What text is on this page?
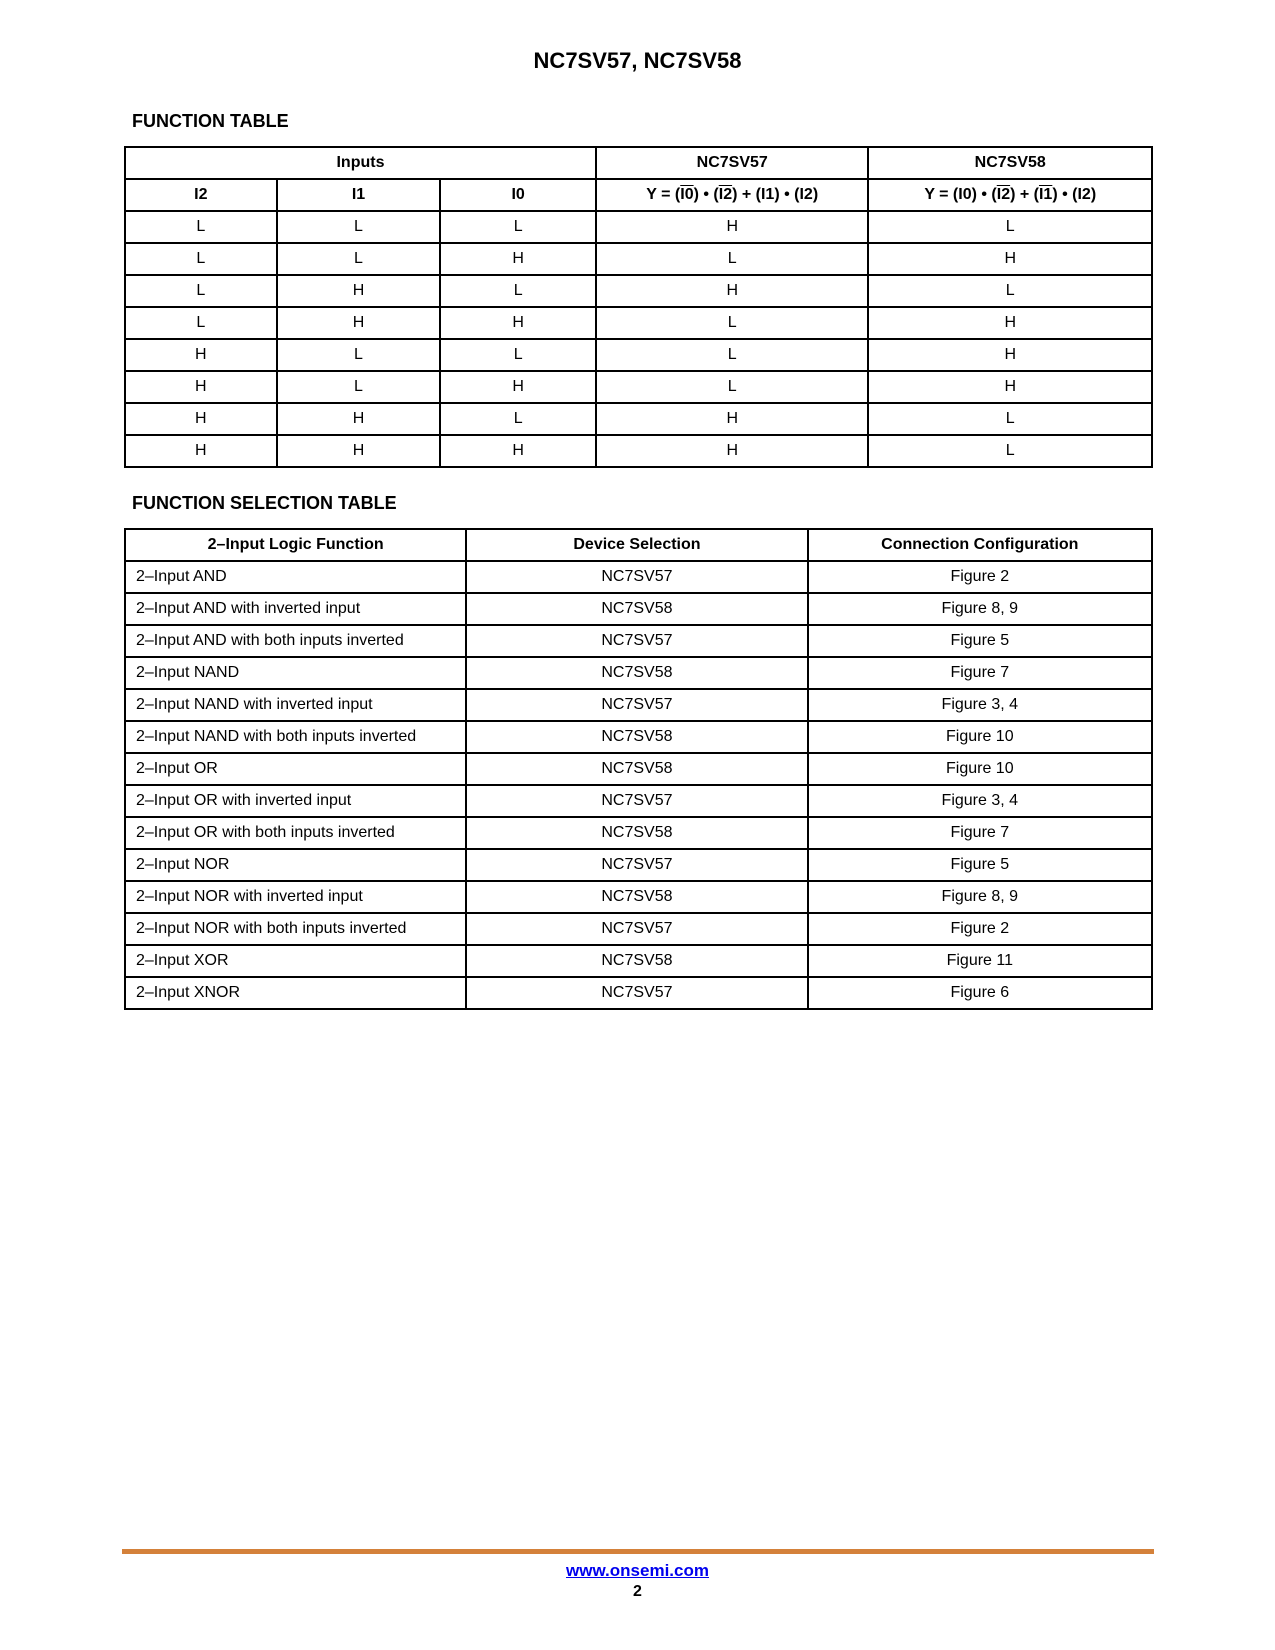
NC7SV57, NC7SV58
FUNCTION TABLE
Inputs			NC7SV57	NC7SV58
I2	I1	I0	Y = (I0) • (I2) + (I1) • (I2)	Y = (I0) • (I2) + (I1) • (I2)
L	L	L	H	L
L	L	H	L	H
L	H	L	H	L
L	H	H	L	H
H	L	L	L	H
H	L	H	L	H
H	H	L	H	L
H	H	H	H	L
FUNCTION SELECTION TABLE
2–Input Logic Function	Device Selection	Connection Configuration
2–Input AND	NC7SV57	Figure 2
2–Input AND with inverted input	NC7SV58	Figure 8, 9
2–Input AND with both inputs inverted	NC7SV57	Figure 5
2–Input NAND	NC7SV58	Figure 7
2–Input NAND with inverted input	NC7SV57	Figure 3, 4
2–Input NAND with both inputs inverted	NC7SV58	Figure 10
2–Input OR	NC7SV58	Figure 10
2–Input OR with inverted input	NC7SV57	Figure 3, 4
2–Input OR with both inputs inverted	NC7SV58	Figure 7
2–Input NOR	NC7SV57	Figure 5
2–Input NOR with inverted input	NC7SV58	Figure 8, 9
2–Input NOR with both inputs inverted	NC7SV57	Figure 2
2–Input XOR	NC7SV58	Figure 11
2–Input XNOR	NC7SV57	Figure 6
www.onsemi.com
2
